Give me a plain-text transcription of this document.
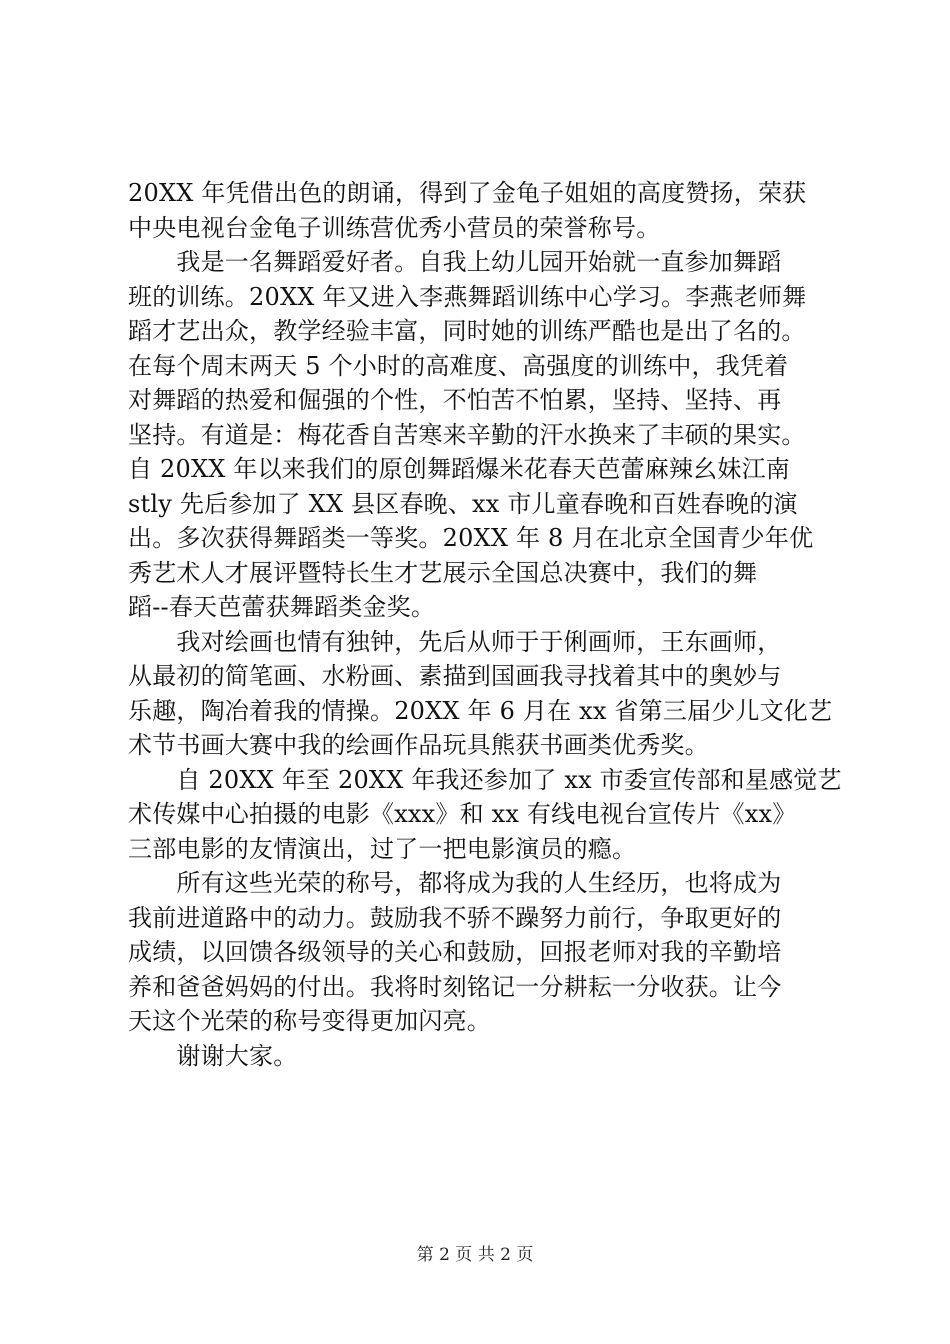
20XX 年凭借出色的朗诵，得到了金龟子姐姐的高度赞扬，荣获
中央电视台金龟子训练营优秀小营员的荣誉称号。
　　我是一名舞蹈爱好者。自我上幼儿园开始就一直参加舞蹈
班的训练。20XX 年又进入李燕舞蹈训练中心学习。李燕老师舞
蹈才艺出众，教学经验丰富，同时她的训练严酷也是出了名的。
在每个周末两天 5 个小时的高难度、高强度的训练中，我凭着
对舞蹈的热爱和倔强的个性，不怕苦不怕累，坚持、坚持、再
坚持。有道是：梅花香自苦寒来辛勤的汗水换来了丰硕的果实。
自 20XX 年以来我们的原创舞蹈爆米花春天芭蕾麻辣幺妹江南
stly 先后参加了 XX 县区春晚、xx 市儿童春晚和百姓春晚的演
出。多次获得舞蹈类一等奖。20XX 年 8 月在北京全国青少年优
秀艺术人才展评暨特长生才艺展示全国总决赛中，我们的舞
蹈--春天芭蕾获舞蹈类金奖。
　　我对绘画也情有独钟，先后从师于于俐画师，王东画师，
从最初的简笔画、水粉画、素描到国画我寻找着其中的奥妙与
乐趣，陶冶着我的情操。20XX 年 6 月在 xx 省第三届少儿文化艺
术节书画大赛中我的绘画作品玩具熊获书画类优秀奖。
　　自 20XX 年至 20XX 年我还参加了 xx 市委宣传部和星感觉艺
术传媒中心拍摄的电影《xxx》和 xx 有线电视台宣传片《xx》
三部电影的友情演出，过了一把电影演员的瘾。
　　所有这些光荣的称号，都将成为我的人生经历，也将成为
我前进道路中的动力。鼓励我不骄不躁努力前行，争取更好的
成绩，以回馈各级领导的关心和鼓励，回报老师对我的辛勤培
养和爸爸妈妈的付出。我将时刻铭记一分耕耘一分收获。让今
天这个光荣的称号变得更加闪亮。
　　谢谢大家。
第 2 页 共 2 页
